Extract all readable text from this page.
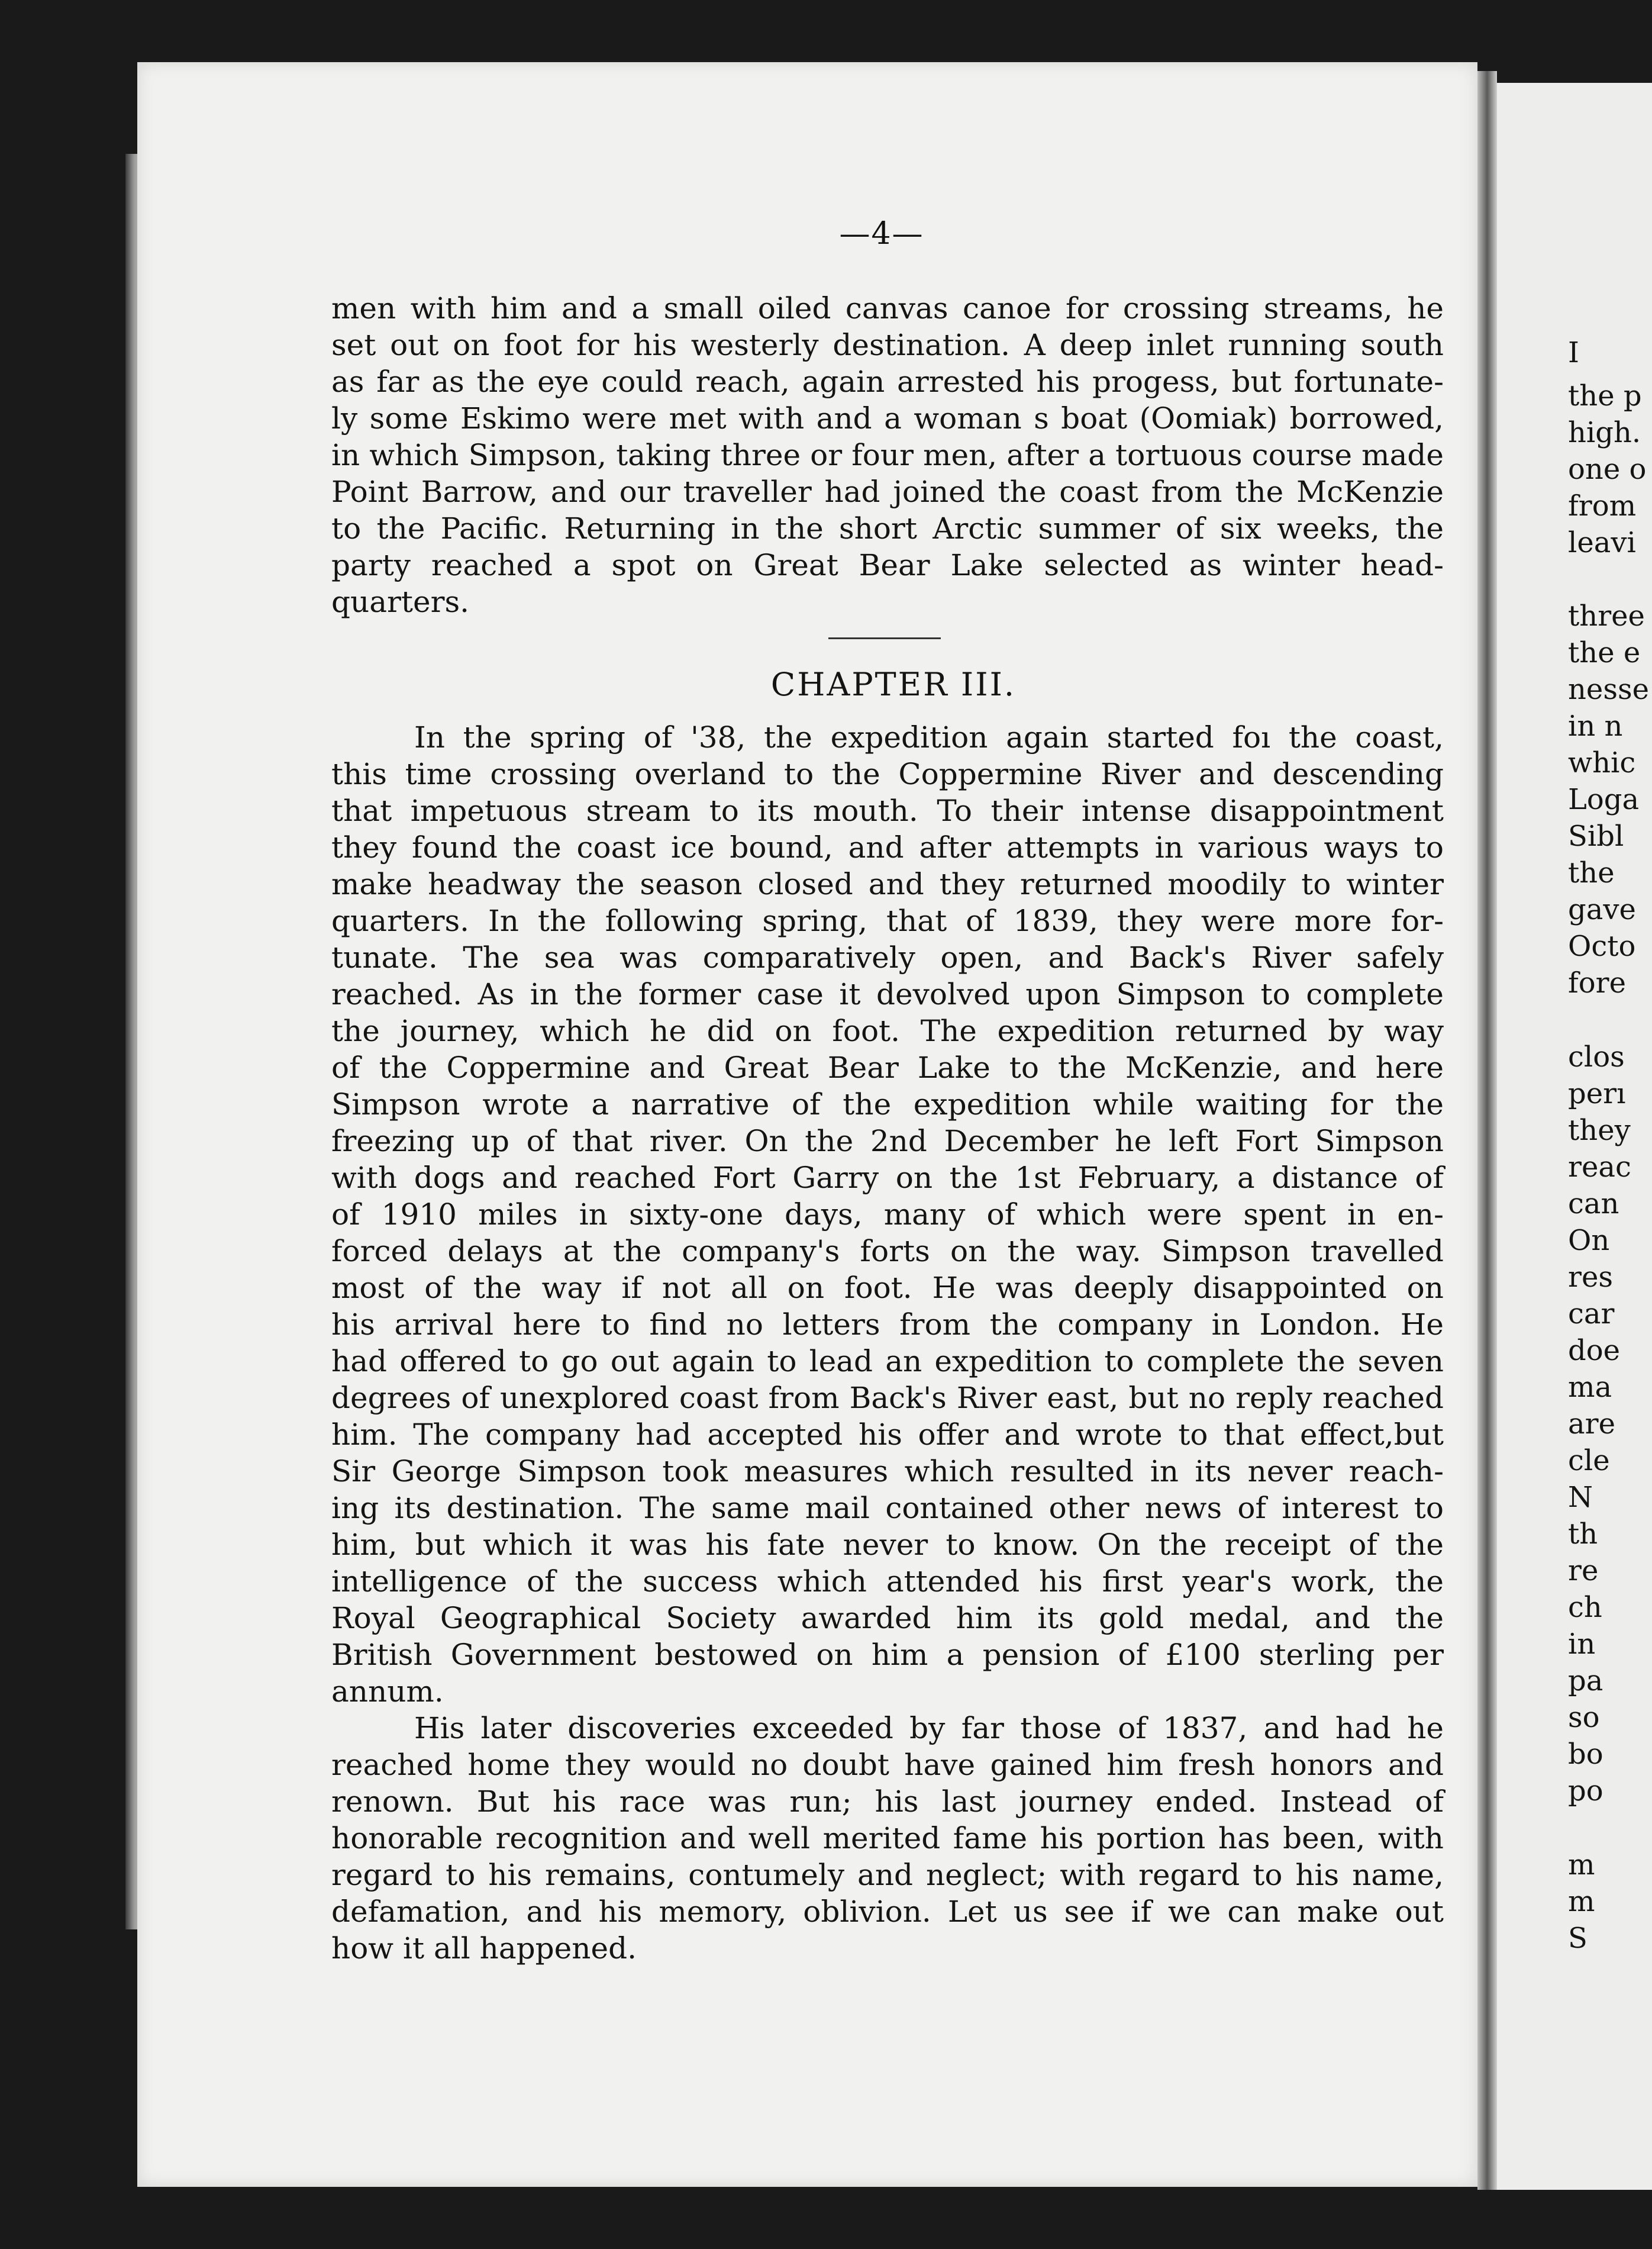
—4—
men with him and a small oiled canvas canoe for crossing streams, he
set out on foot for his westerly destination. A deep inlet running south
as far as the eye could reach, again arrested his progess, but fortunate-
ly some Eskimo were met with and a woman s boat (Oomiak) borrowed,
in which Simpson, taking three or four men, after a tortuous course made
Point Barrow, and our traveller had joined the coast from the McKenzie
to the Pacific. Returning in the short Arctic summer of six weeks, the
party reached a spot on Great Bear Lake selected as winter head-
quarters.
CHAPTER III.
In the spring of '38, the expedition again started foı the coast,
this time crossing overland to the Coppermine River and descending
that impetuous stream to its mouth. To their intense disappointment
they found the coast ice bound, and after attempts in various ways to
make headway the season closed and they returned moodily to winter
quarters. In the following spring, that of 1839, they were more for-
tunate. The sea was comparatively open, and Back's River safely
reached. As in the former case it devolved upon Simpson to complete
the journey, which he did on foot. The expedition returned by way
of the Coppermine and Great Bear Lake to the McKenzie, and here
Simpson wrote a narrative of the expedition while waiting for the
freezing up of that river. On the 2nd December he left Fort Simpson
with dogs and reached Fort Garry on the 1st February, a distance of
of 1910 miles in sixty-one days, many of which were spent in en-
forced delays at the company's forts on the way. Simpson travelled
most of the way if not all on foot. He was deeply disappointed on
his arrival here to find no letters from the company in London. He
had offered to go out again to lead an expedition to complete the seven
degrees of unexplored coast from Back's River east, but no reply reached
him. The company had accepted his offer and wrote to that effect,but
Sir George Simpson took measures which resulted in its never reach-
ing its destination. The same mail contained other news of interest to
him, but which it was his fate never to know. On the receipt of the
intelligence of the success which attended his first year's work, the
Royal Geographical Society awarded him its gold medal, and the
British Government bestowed on him a pension of £100 sterling per
annum.
His later discoveries exceeded by far those of 1837, and had he
reached home they would no doubt have gained him fresh honors and
renown. But his race was run; his last journey ended. Instead of
honorable recognition and well merited fame his portion has been, with
regard to his remains, contumely and neglect; with regard to his name,
defamation, and his memory, oblivion. Let us see if we can make out
how it all happened.
I
the p
high.
one o
from
leavi
three
the e
nesse
in n
whic
Loga
Sibl
the
gave
Octo
fore
clos
perı
they
reac
can
On
res
car
doe
ma
are
cle
N
th
re
ch
in
pa
so
bo
po
m
m
S
